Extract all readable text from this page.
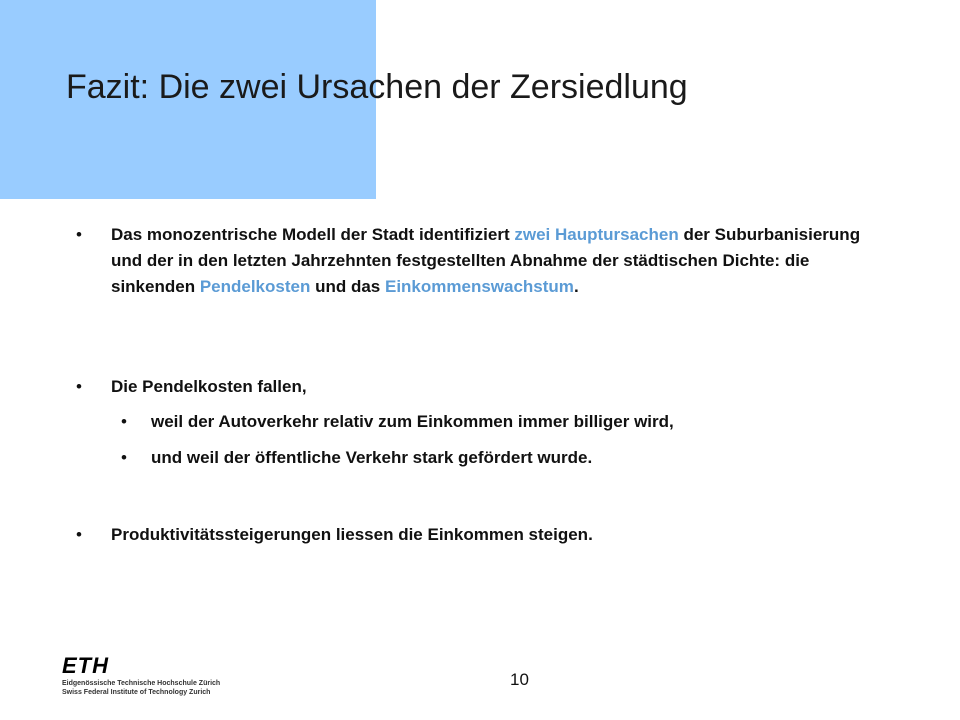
Fazit: Die zwei Ursachen der Zersiedlung
• Das monozentrische Modell der Stadt identifiziert zwei Hauptursachen der Suburbanisierung und der in den letzten Jahrzehnten festgestellten Abnahme der städtischen Dichte: die sinkenden Pendelkosten und das Einkommenswachstum.
• Die Pendelkosten fallen,
• weil der Autoverkehr relativ zum Einkommen immer billiger wird,
• und weil der öffentliche Verkehr stark gefördert wurde.
• Produktivitätssteigerungen liessen die Einkommen steigen.
ETH
Eidgenössische Technische Hochschule Zürich
Swiss Federal Institute of Technology Zurich
10
